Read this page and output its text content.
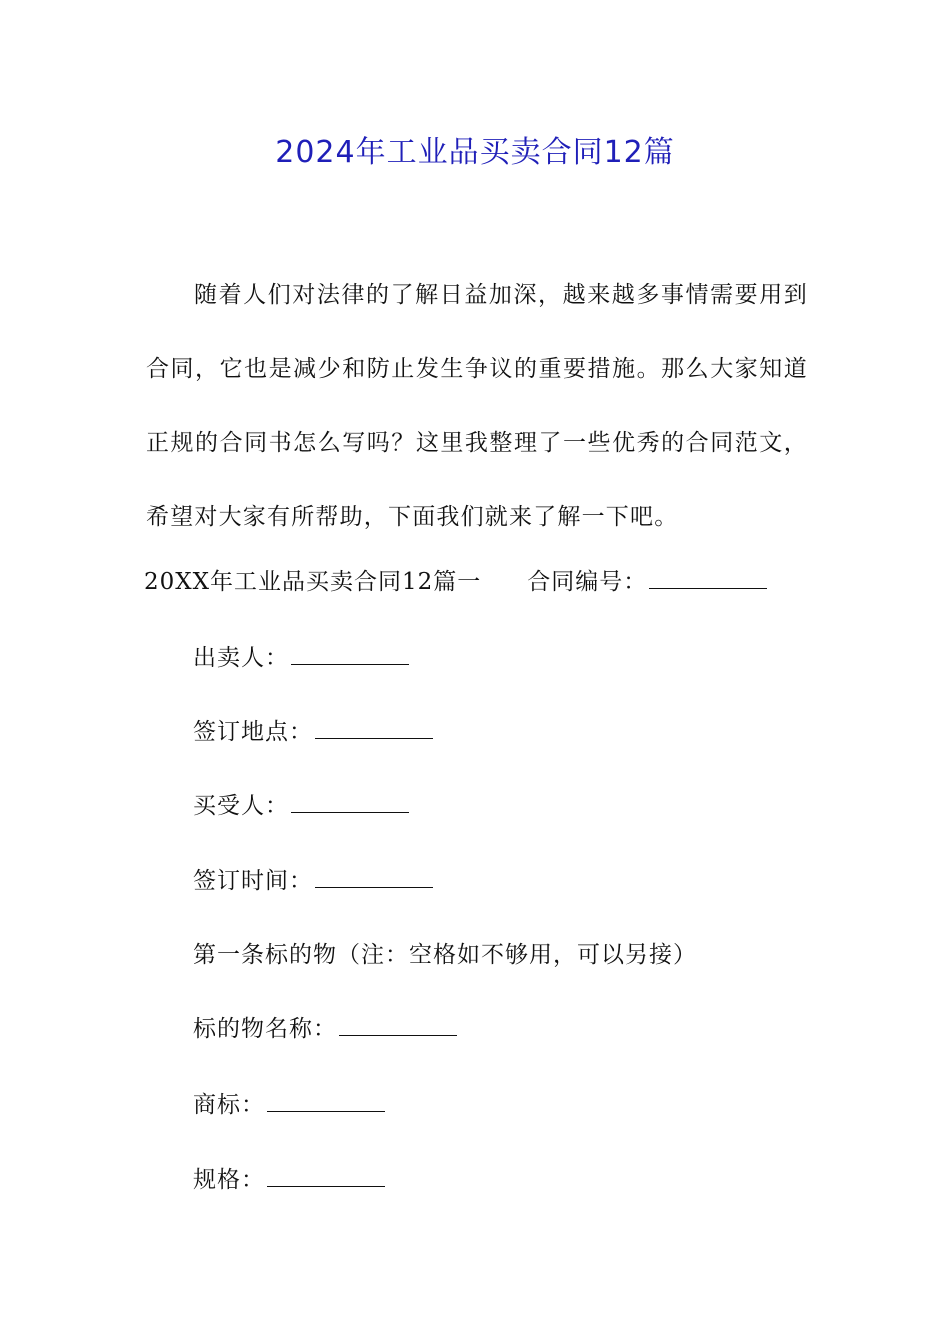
2024年工业品买卖合同12篇
随着人们对法律的了解日益加深，越来越多事情需要用到合同，它也是减少和防止发生争议的重要措施。那么大家知道正规的合同书怎么写吗？这里我整理了一些优秀的合同范文，希望对大家有所帮助，下面我们就来了解一下吧。
20XX年工业品买卖合同12篇一 合同编号：
出卖人：
签订地点：
买受人：
签订时间：
第一条标的物（注：空格如不够用，可以另接）
标的物名称：
商标：
规格：
